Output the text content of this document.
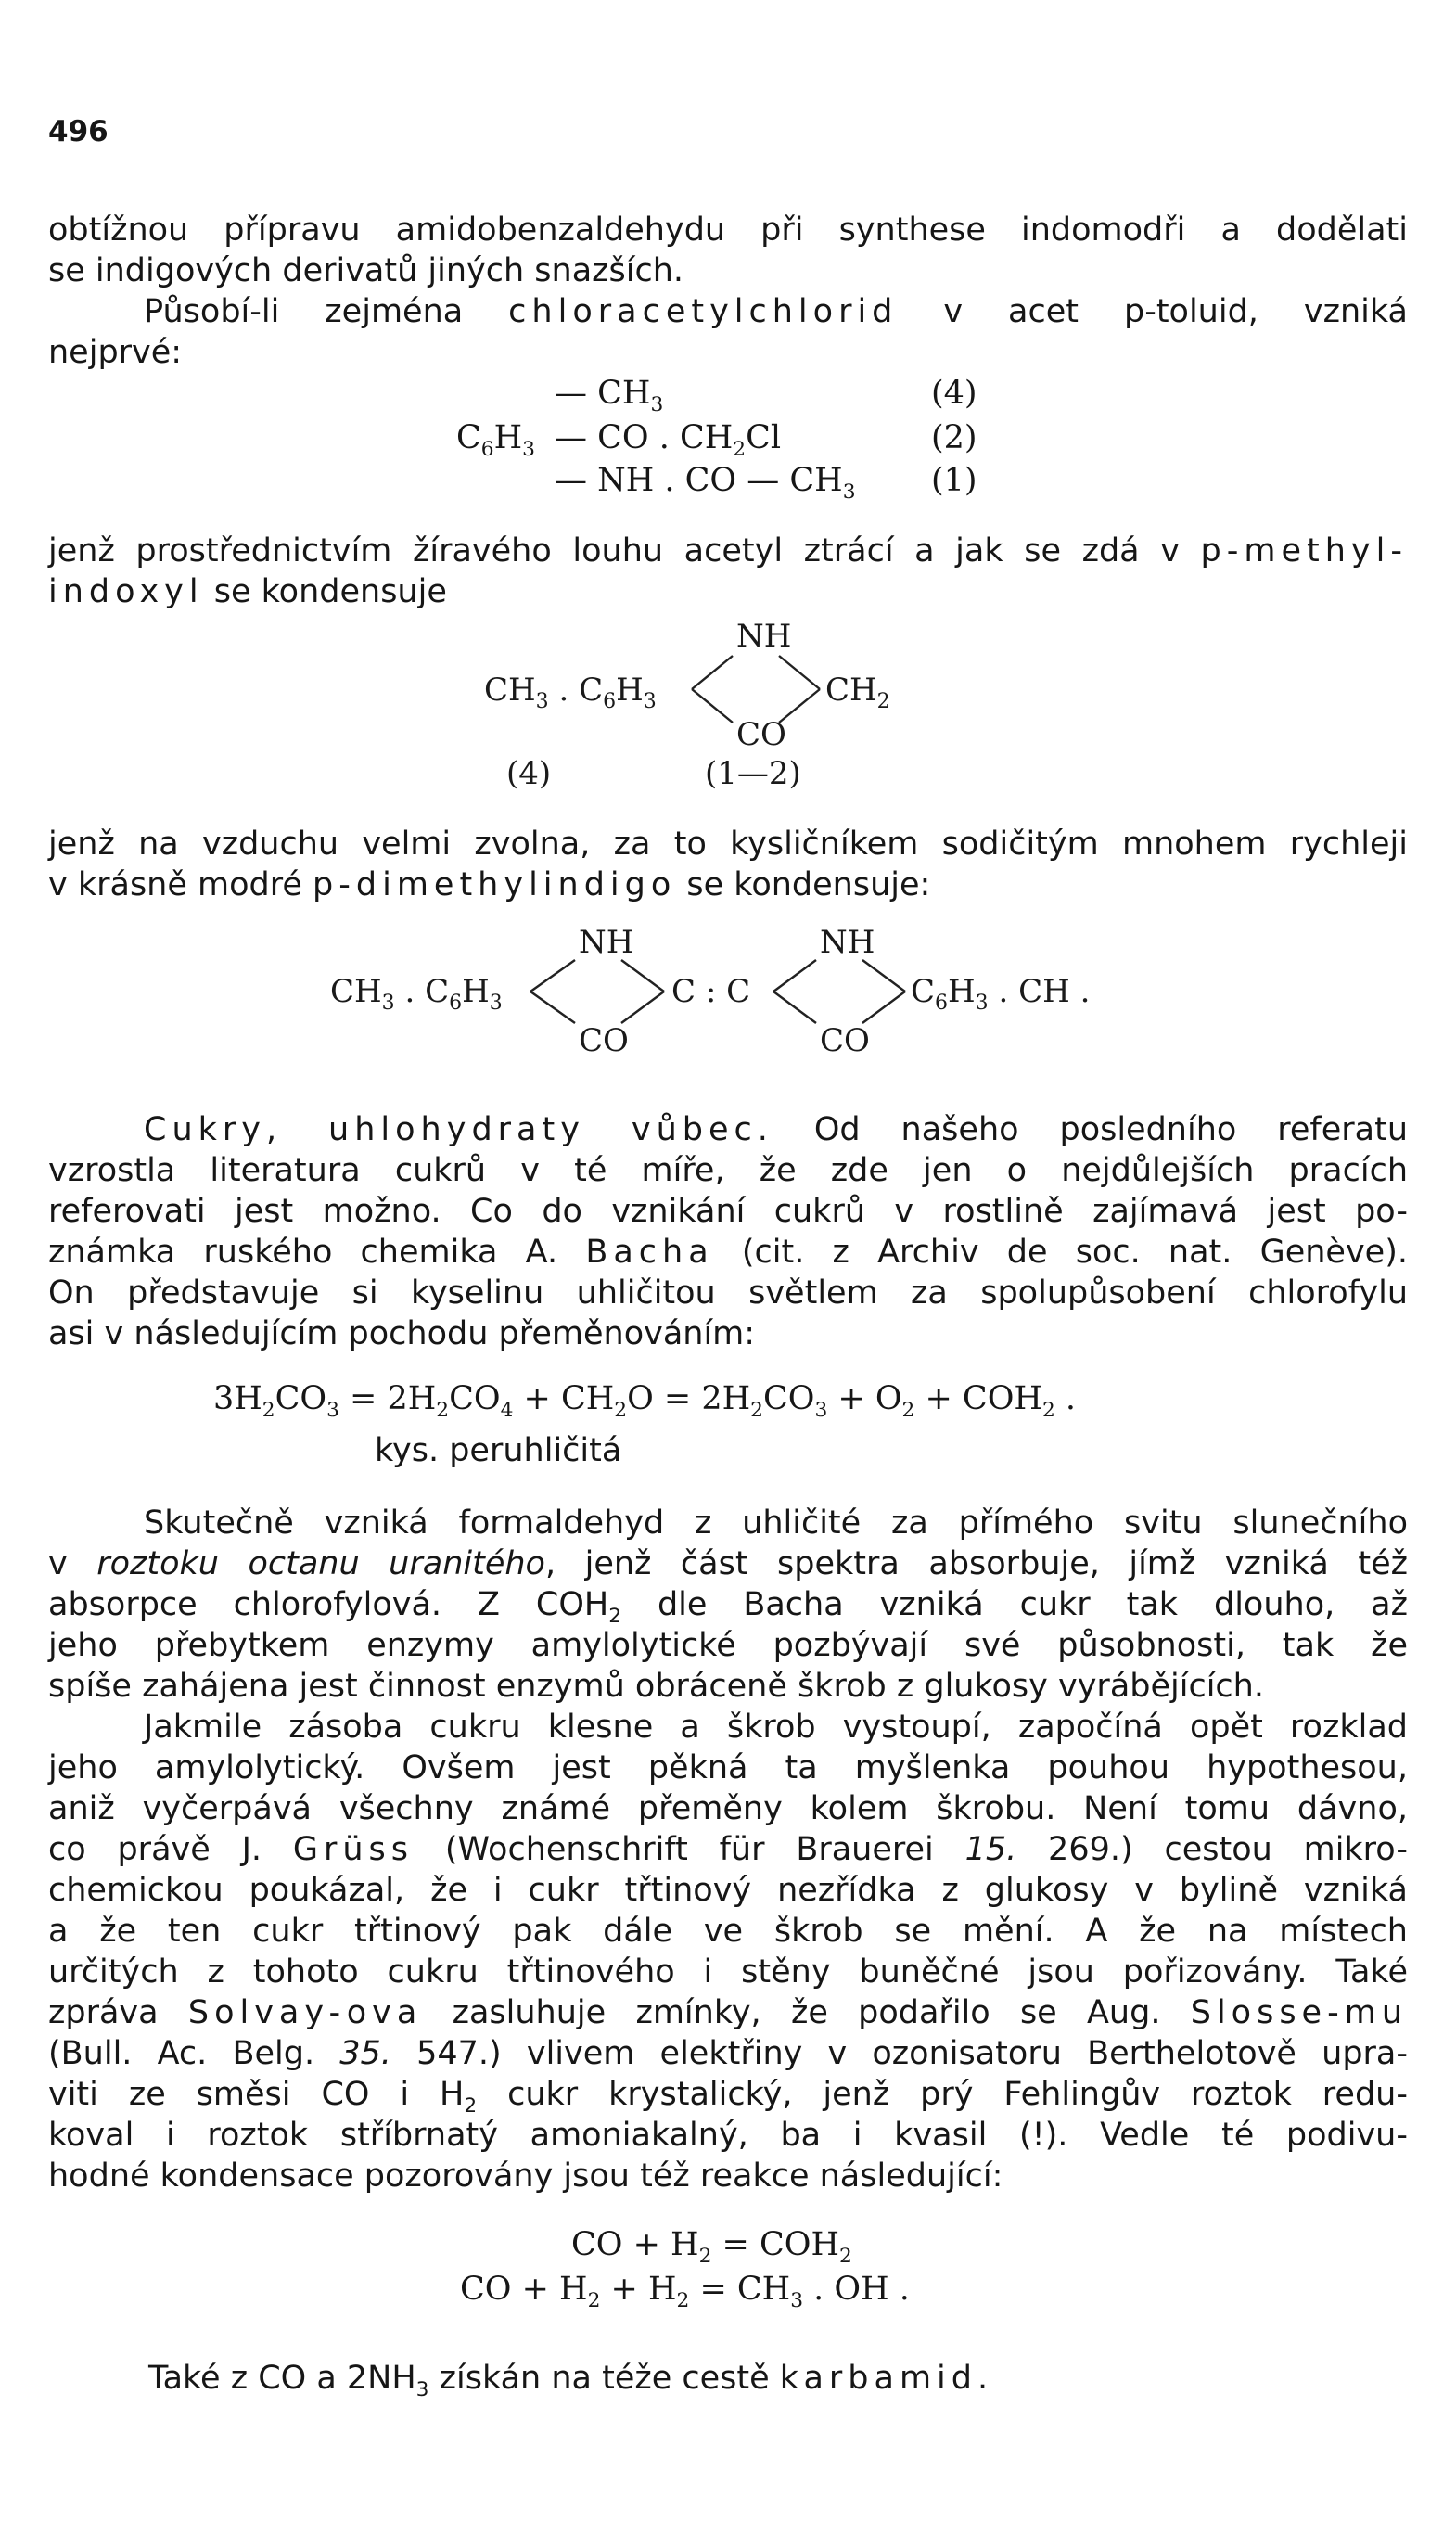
496
obtížnou přípravu amidobenzaldehydu při synthese indomodři a dodělati
se indigových derivatů jiných snazších.
Působí-li zejména chloracetylchlorid v acet p-toluid, vzniká
nejprvé:
— $CH_3$
$C_6H_3$ — CO . $CH_2Cl$
— NH . CO — $CH_3$
(4)
(2)
(1)
jenž prostřednictvím žíravého louhu acetyl ztrácí a jak se zdá v p-methyl-
indoxyl se kondensuje
NH
CO
$CH_3$ . $C_6H_3$	$CH_2$
(4)	(1—2)
jenž na vzduchu velmi zvolna, za to kysličníkem sodičitým mnohem rychleji
v krásně modré p-dimethylindigo se kondensuje:
$CH_3$ . $C_6H_3$
NH
CO
C : C
NH
CO
$C_6H_3$ . CH .
Cukry, uhlohydraty vůbec. Od našeho posledního referatu
vzrostla literatura cukrů v té míře, že zde jen o nejdůlejších pracích
referovati jest možno. Co do vznikání cukrů v rostlině zajímavá jest po-
známka ruského chemika A. Bacha (cit. z Archiv de soc. nat. Genève).
On představuje si kyselinu uhličitou světlem za spolupůsobení chlorofylu
asi v následujícím pochodu přeměnováním:
$3H_2CO_3 = 2H_2CO_4 + CH_2O = 2H_2CO_3 + O_2 + COH_2$ .
kys. peruhličitá
Skutečně vzniká formaldehyd z uhličité za přímého svitu slunečního
v roztoku octanu uranitého, jenž část spektra absorbuje, jímž vzniká též
absorpce chlorofylová. Z $COH_2$ dle Bacha vzniká cukr tak dlouho, až
jeho přebytkem enzymy amylolytické pozbývají své působnosti, tak že
spíše zahájena jest činnost enzymů obráceně škrob z glukosy vyrábějících.
Jakmile zásoba cukru klesne a škrob vystoupí, započíná opět rozklad
jeho amylolytický. Ovšem jest pěkná ta myšlenka pouhou hypothesou,
aniž vyčerpává všechny známé přeměny kolem škrobu. Není tomu dávno,
co právě J. Grüss (Wochenschrift für Brauerei 15. 269.) cestou mikro-
chemickou poukázal, že i cukr třtinový nezřídka z glukosy v bylině vzniká
a že ten cukr třtinový pak dále ve škrob se mění. A že na místech
určitých z tohoto cukru třtinového i stěny buněčné jsou pořizovány. Také
zpráva Solvay-ova zasluhuje zmínky, že podařilo se Aug. Slosse-mu
(Bull. Ac. Belg. 35. 547.) vlivem elektřiny v ozonisatoru Berthelotově upra-
viti ze směsi CO i $H_2$ cukr krystalický, jenž prý Fehlingův roztok redu-
koval i roztok stříbrnatý amoniakalný, ba i kvasil (!). Vedle té podivu-
hodné kondensace pozorovány jsou též reakce následující:
CO + $H_2 = COH_2$
CO + $H_2 + H_2 = CH_3$ . OH .
Také z CO a $2NH_3$ získán na téže cestě karbamid.
